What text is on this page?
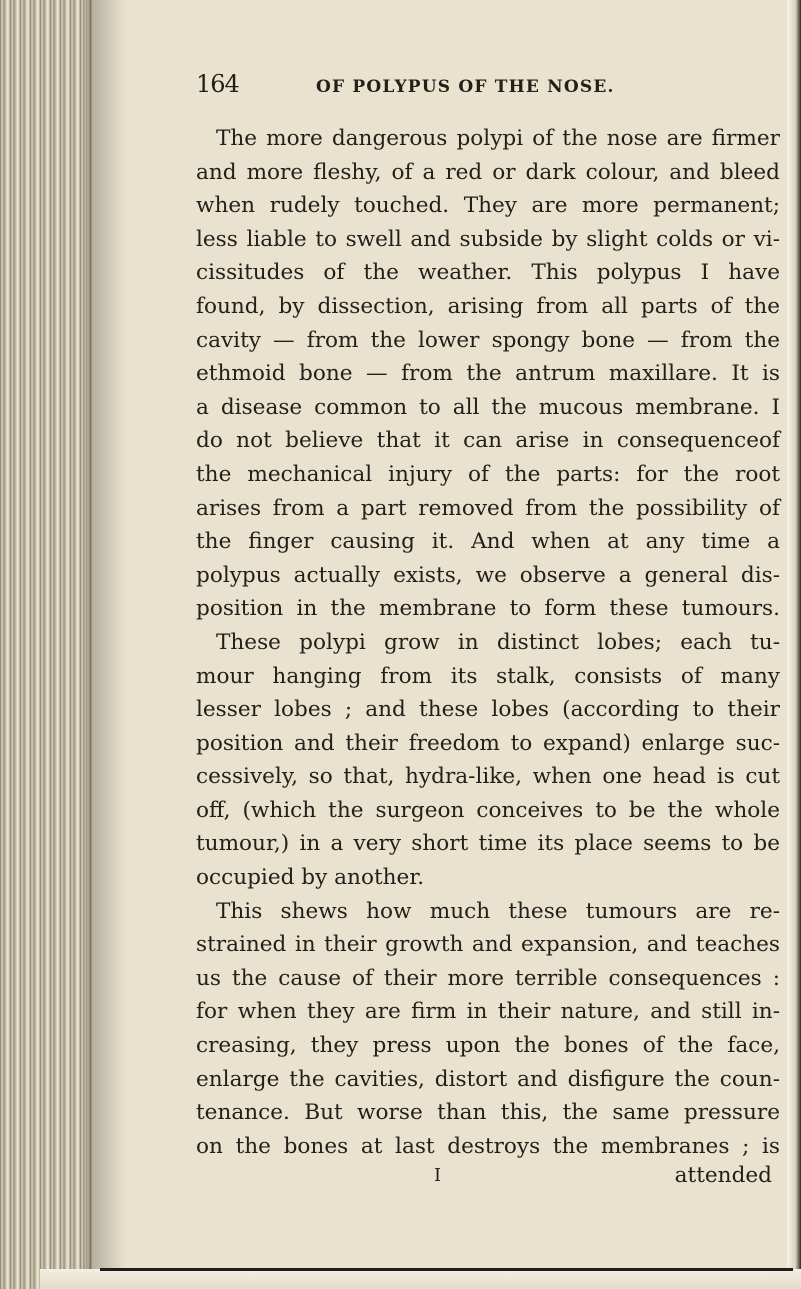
164	OF POLYPUS OF THE NOSE.
The more dangerous polypi of the nose are firmer
and more fleshy, of a red or dark colour, and bleed
when rudely touched. They are more permanent;
less liable to swell and subside by slight colds or vi-
cissitudes of the weather. This polypus I have
found, by dissection, arising from all parts of the
cavity — from the lower spongy bone — from the
ethmoid bone — from the antrum maxillare. It is
a disease common to all the mucous membrane. I
do not believe that it can arise in consequenceof
the mechanical injury of the parts: for the root
arises from a part removed from the possibility of
the finger causing it. And when at any time a
polypus actually exists, we observe a general dis-
position in the membrane to form these tumours.
These polypi grow in distinct lobes; each tu-
mour hanging from its stalk, consists of many
lesser lobes ; and these lobes (according to their
position and their freedom to expand) enlarge suc-
cessively, so that, hydra-like, when one head is cut
off, (which the surgeon conceives to be the whole
tumour,) in a very short time its place seems to be
occupied by another.
This shews how much these tumours are re-
strained in their growth and expansion, and teaches
us the cause of their more terrible consequences :
for when they are firm in their nature, and still in-
creasing, they press upon the bones of the face,
enlarge the cavities, distort and disfigure the coun-
tenance. But worse than this, the same pressure
on the bones at last destroys the membranes ; is
I	attended
